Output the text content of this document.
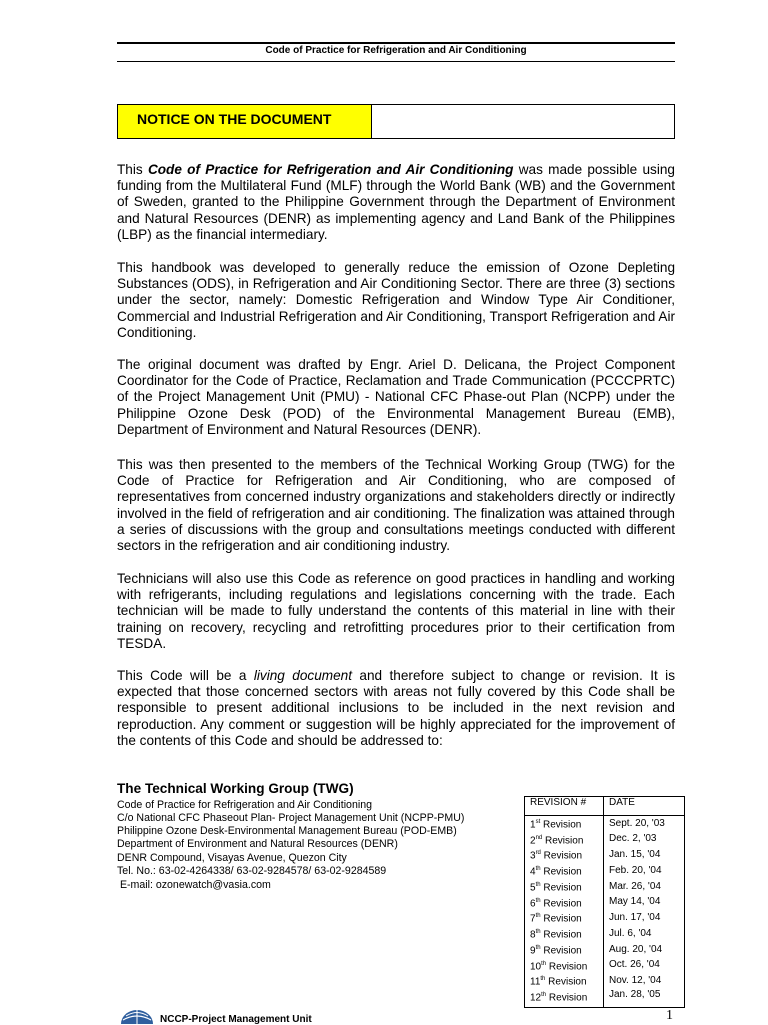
Code of Practice for Refrigeration and Air Conditioning
NOTICE ON THE DOCUMENT
This Code of Practice for Refrigeration and Air Conditioning was made possible using funding from the Multilateral Fund (MLF) through the World Bank (WB) and the Government of Sweden, granted to the Philippine Government through the Department of Environment and Natural Resources (DENR) as implementing agency and Land Bank of the Philippines (LBP) as the financial intermediary.
This handbook was developed to generally reduce the emission of Ozone Depleting Substances (ODS), in Refrigeration and Air Conditioning Sector. There are three (3) sections under the sector, namely: Domestic Refrigeration and Window Type Air Conditioner, Commercial and Industrial Refrigeration and Air Conditioning, Transport Refrigeration and Air Conditioning.
The original document was drafted by Engr. Ariel D. Delicana, the Project Component Coordinator for the Code of Practice, Reclamation and Trade Communication (PCCCPRTC) of the Project Management Unit (PMU) - National CFC Phase-out Plan (NCPP) under the Philippine Ozone Desk (POD) of the Environmental Management Bureau (EMB), Department of Environment and Natural Resources (DENR).
This was then presented to the members of the Technical Working Group (TWG) for the Code of Practice for Refrigeration and Air Conditioning, who are composed of representatives from concerned industry organizations and stakeholders directly or indirectly involved in the field of refrigeration and air conditioning. The finalization was attained through a series of discussions with the group and consultations meetings conducted with different sectors in the refrigeration and air conditioning industry.
Technicians will also use this Code as reference on good practices in handling and working with refrigerants, including regulations and legislations concerning with the trade. Each technician will be made to fully understand the contents of this material in line with their training on recovery, recycling and retrofitting procedures prior to their certification from TESDA.
This Code will be a living document and therefore subject to change or revision. It is expected that those concerned sectors with areas not fully covered by this Code shall be responsible to present additional inclusions to be included in the next revision and reproduction. Any comment or suggestion will be highly appreciated for the improvement of the contents of this Code and should be addressed to:
The Technical Working Group (TWG)
Code of Practice for Refrigeration and Air Conditioning
C/o National CFC Phaseout Plan- Project Management Unit (NCPP-PMU)
Philippine Ozone Desk-Environmental Management Bureau (POD-EMB)
Department of Environment and Natural Resources (DENR)
DENR Compound, Visayas Avenue, Quezon City
Tel. No.: 63-02-4264338/ 63-02-9284578/ 63-02-9284589
E-mail: ozonewatch@vasia.com
REVISION #	DATE
1st Revision	Sept. 20, '03
2nd Revision	Dec. 2, '03
3rd Revision	Jan. 15, '04
4th Revision	Feb. 20, '04
5th Revision	Mar. 26, '04
6th Revision	May 14, '04
7th Revision	Jun. 17, '04
8th Revision	Jul. 6, '04
9th Revision	Aug. 20, '04
10th Revision	Oct. 26, '04
11th Revision	Nov. 12, '04
12th Revision	Jan. 28, '05
NCCP-Project Management Unit	1
